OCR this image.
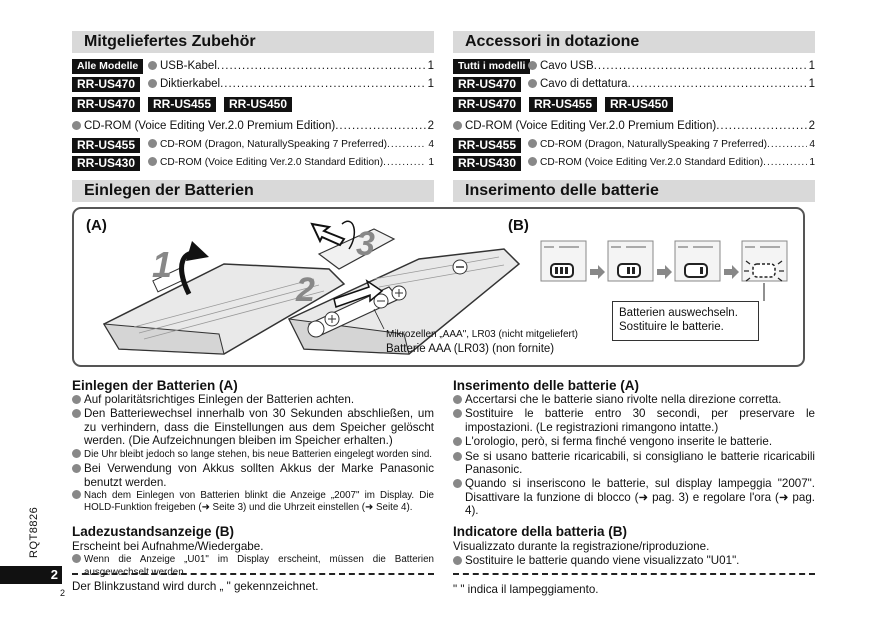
Mitgeliefertes Zubehör
Alle Modelle	USB-Kabel .....	1
RR-US470	Diktierkabel .....	1
RR-US470	RR-US455	RR-US450
CD-ROM (Voice Editing Ver.2.0 Premium Edition) .....	2
RR-US455	CD-ROM (Dragon, NaturallySpeaking 7 Preferred) .....	4
RR-US430	CD-ROM (Voice Editing Ver.2.0 Standard Edition) .....	1
Einlegen der Batterien
Accessori in dotazione
Tutti i modelli	Cavo USB .....	1
RR-US470	Cavo di dettatura .....	1
RR-US470	RR-US455	RR-US450
CD-ROM (Voice Editing Ver.2.0 Premium Edition) .....	2
RR-US455	CD-ROM (Dragon, NaturallySpeaking 7 Preferred) .....	4
RR-US430	CD-ROM (Voice Editing Ver.2.0 Standard Edition) .....	1
Inserimento delle batterie
1
2
3
(A)	(B)
Mikrozellen „AAA", LR03 (nicht mitgeliefert)
Batterie AAA (LR03) (non fornite)
Batterien auswechseln.
Sostituire le batterie.
Einlegen der Batterien (A)

Auf polaritätsrichtiges Einlegen der Batterien achten.

Den Batteriewechsel innerhalb von 30 Sekunden abschließen, um zu verhindern, dass die Einstellungen aus dem Speicher gelöscht werden. (Die Aufzeichnungen bleiben im Speicher erhalten.)

Die Uhr bleibt jedoch so lange stehen, bis neue Batterien eingelegt worden sind.

Bei Verwendung von Akkus sollten Akkus der Marke Panasonic benutzt werden.

Nach dem Einlegen von Batterien blinkt die Anzeige „2007" im Display. Die HOLD-Funktion freigeben (➜ Seite 3) und die Uhrzeit einstellen (➜ Seite 4).

Ladezustandsanzeige (B)

Erscheint bei Aufnahme/Wiedergabe.

Wenn die Anzeige „U01" im Display erscheint, müssen die Batterien ausgewechselt werden.

Der Blinkzustand wird durch „ " gekennzeichnet.
Inserimento delle batterie (A)

Accertarsi che le batterie siano rivolte nella direzione corretta.

Sostituire le batterie entro 30 secondi, per preservare le impostazioni. (Le registrazioni rimangono intatte.)

L'orologio, però, si ferma finché vengono inserite le batterie.

Se si usano batterie ricaricabili, si consigliano le batterie ricaricabili Panasonic.

Quando si inseriscono le batterie, sul display lampeggia "2007". Disattivare la funzione di blocco (➜ pag. 3) e regolare l'ora (➜ pag. 4).

Indicatore della batteria (B)

Visualizzato durante la registrazione/riproduzione.

Sostituire le batterie quando viene visualizzato "U01".

" " indica il lampeggiamento.
RQT8826
2
2
